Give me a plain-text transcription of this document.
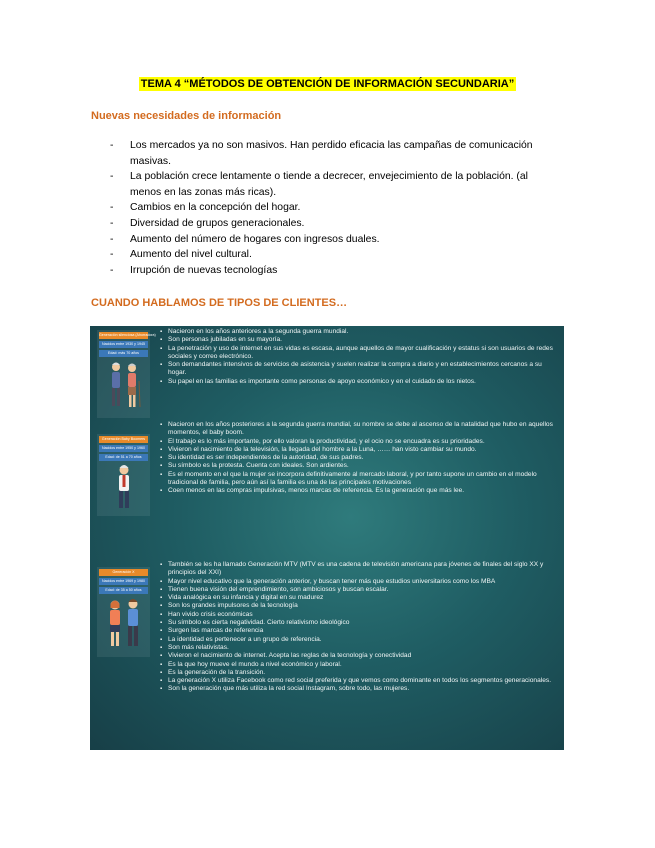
TEMA 4 “MÉTODOS DE OBTENCIÓN DE INFORMACIÓN SECUNDARIA”
Nuevas necesidades de información
- Los mercados ya no son masivos. Han perdido eficacia las campañas de comunicación masivas.
- La población crece lentamente o tiende a decrecer, envejecimiento de la población. (al menos en las zonas más ricas).
- Cambios en la concepción del hogar.
- Diversidad de grupos generacionales.
- Aumento del número de hogares con ingresos duales.
- Aumento del nivel cultural.
- Irrupción de nuevas tecnologías
CUANDO HABLAMOS DE TIPOS DE CLIENTES…
Generación silenciosa (Ahorradora)
Nacidos entre 1930 y 1945
Edad: más 70 años
▪ Nacieron en los años anteriores a la segunda guerra mundial.
▪ Son personas jubiladas en su mayoría.
▪ La penetración y uso de internet en sus vidas es escasa, aunque aquellos de mayor cualificación y estatus si son usuarios de redes sociales y correo electrónico.
▪ Son demandantes intensivos de servicios de asistencia y suelen realizar la compra a diario y en establecimientos cercanos a su hogar.
▪ Su papel en las familias es importante como personas de apoyo económico y en el cuidado de los nietos.
Generación Baby Boomers
Nacidos entre 1950 y 1960
Edad: de 51 a 70 años
▪ Nacieron en los años posteriores a la segunda guerra mundial, su nombre se debe al ascenso de la natalidad que hubo en aquellos momentos, el baby boom.
▪ El trabajo es lo más importante, por ello valoran la productividad, y el ocio no se encuadra es su prioridades.
▪ Vivieron el nacimiento de la televisión, la llegada del hombre a la Luna, …… han visto cambiar su mundo.
▪ Su identidad es ser independientes de la autoridad, de sus padres.
▪ Su símbolo es la protesta. Cuenta con ideales. Son ardientes.
▪ Es el momento en el que la mujer se incorpora definitivamente al mercado laboral, y por tanto supone un cambio en el modelo tradicional de familia, pero aún así la familia es una de las principales motivaciones
▪ Coen menos en las compras impulsivas, menos marcas de referencia. Es la generación que más lee.
Generación X
Nacidos entre 1969 y 1980
Edad: de 35 a 50 años
▪ También se les ha llamado Generación MTV (MTV es una cadena de televisión americana para jóvenes de finales del siglo XX y principios del XXI)
▪ Mayor nivel educativo que la generación anterior, y buscan tener más que estudios universitarios como los MBA
▪ Tienen buena visión del emprendimiento, son ambiciosos y buscan escalar.
▪ Vida analógica en su infancia y digital en su madurez
▪ Son los grandes impulsores de la tecnología
▪ Han vivido crisis económicas
▪ Su símbolo es cierta negatividad. Cierto relativismo ideológico
▪ Surgen las marcas de referencia
▪ La identidad es pertenecer a un grupo de referencia.
▪ Son más relativistas.
▪ Vivieron el nacimiento de internet. Acepta las reglas de la tecnología y conectividad
▪ Es la que hoy mueve el mundo a nivel económico y laboral.
▪ Es la generación de la transición.
▪ La generación X utiliza Facebook como red social preferida y que vemos como dominante en todos los segmentos generacionales.
▪ Son la generación que más utiliza la red social Instagram, sobre todo, las mujeres.
